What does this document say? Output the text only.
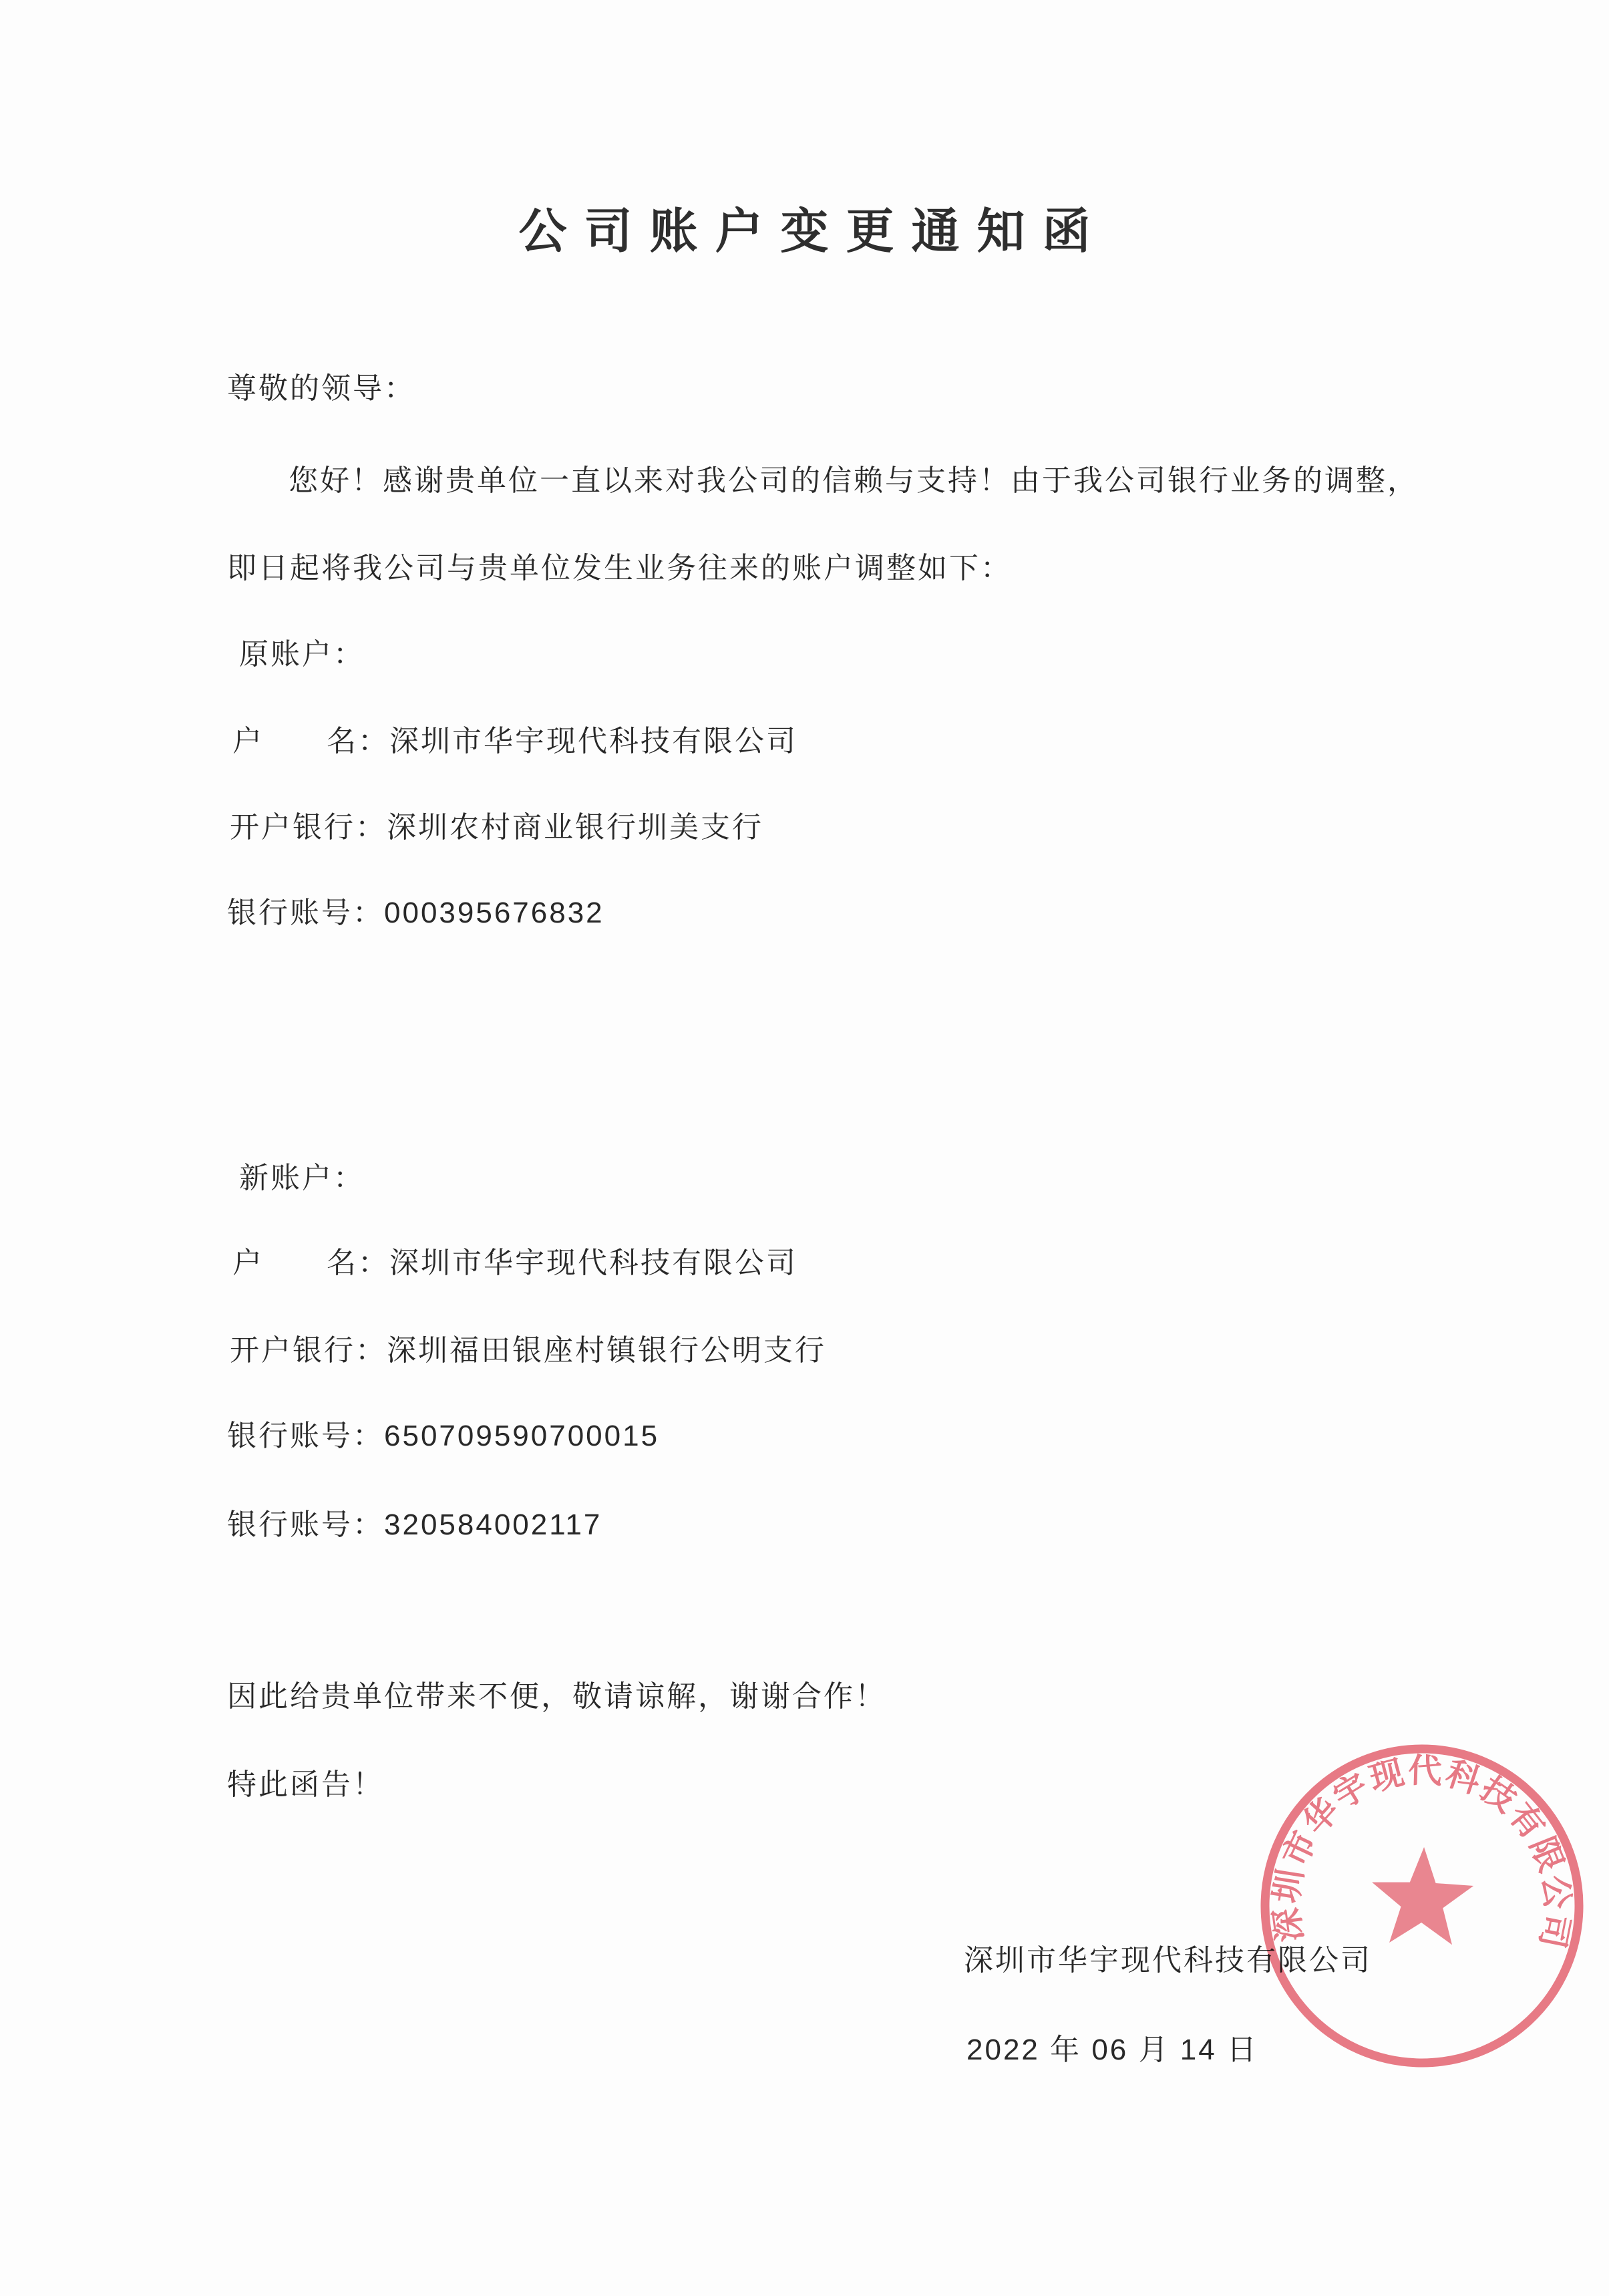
公司账户变更通知函
尊敬的领导：
您好！感谢贵单位一直以来对我公司的信赖与支持！由于我公司银行业务的调整，
即日起将我公司与贵单位发生业务往来的账户调整如下：
原账户：
户　　名：深圳市华宇现代科技有限公司
开户银行：深圳农村商业银行圳美支行
银行账号：000395676832
新账户：
户　　名：深圳市华宇现代科技有限公司
开户银行：深圳福田银座村镇银行公明支行
银行账号：650709590700015
银行账号：320584002117
因此给贵单位带来不便，敬请谅解，谢谢合作！
特此函告！
深圳市华宇现代科技有限公司
2022 年 06 月 14 日
深圳市华宇现代科技有限公司
